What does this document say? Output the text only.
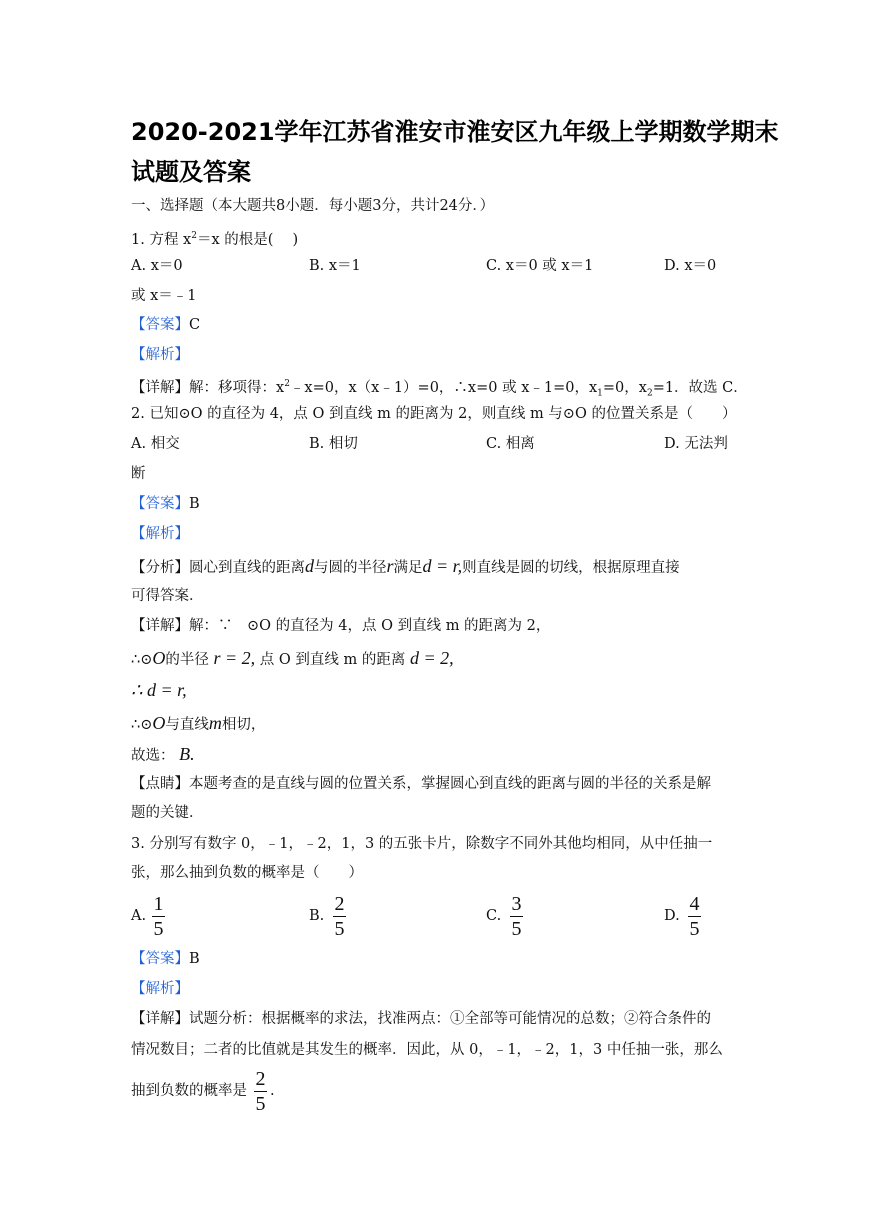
2020-2021学年江苏省淮安市淮安区九年级上学期数学期末
试题及答案
一、选择题（本大题共8小题．每小题3分，共计24分．）
1. 方程 $x^2=x$ 的根是(　 )
A. x＝0	B. x＝1	C. x＝0 或 x＝1	D. x＝0
或 x＝﹣1
【答案】C
【解析】
【详解】解：移项得：$x^2﹣x=0$，x（x﹣1）=0，∴x=0 或 x﹣1=0，$x_1=0$，$x_2=1$．故选 C．
2. 已知⊙O 的直径为 4，点 O 到直线 m 的距离为 2，则直线 m 与⊙O 的位置关系是（　　）
A. 相交	B. 相切	C. 相离	D. 无法判
断
【答案】B
【解析】
【分析】圆心到直线的距离d与圆的半径r满足d = r,则直线是圆的切线，根据原理直接
可得答案．
【详解】解：∵　⊙O 的直径为 4，点 O 到直线 m 的距离为 2，
∴⊙O的半径 r = 2, 点 O 到直线 m 的距离 d = 2,
∴ d = r,
∴⊙O与直线m相切，
故选： B.
【点睛】本题考查的是直线与圆的位置关系，掌握圆心到直线的距离与圆的半径的关系是解
题的关键．
3. 分别写有数字 0，﹣1，﹣2，1，3 的五张卡片，除数字不同外其他均相同，从中任抽一
张，那么抽到负数的概率是（　　）
A.
1
5
B.
2
5
C.
3
5
D.
4
5
【答案】B
【解析】
【详解】试题分析：根据概率的求法，找准两点：①全部等可能情况的总数；②符合条件的
情况数目；二者的比值就是其发生的概率．因此，从 0，﹣1，﹣2，1，3 中任抽一张，那么
抽到负数的概率是
2
5
.
